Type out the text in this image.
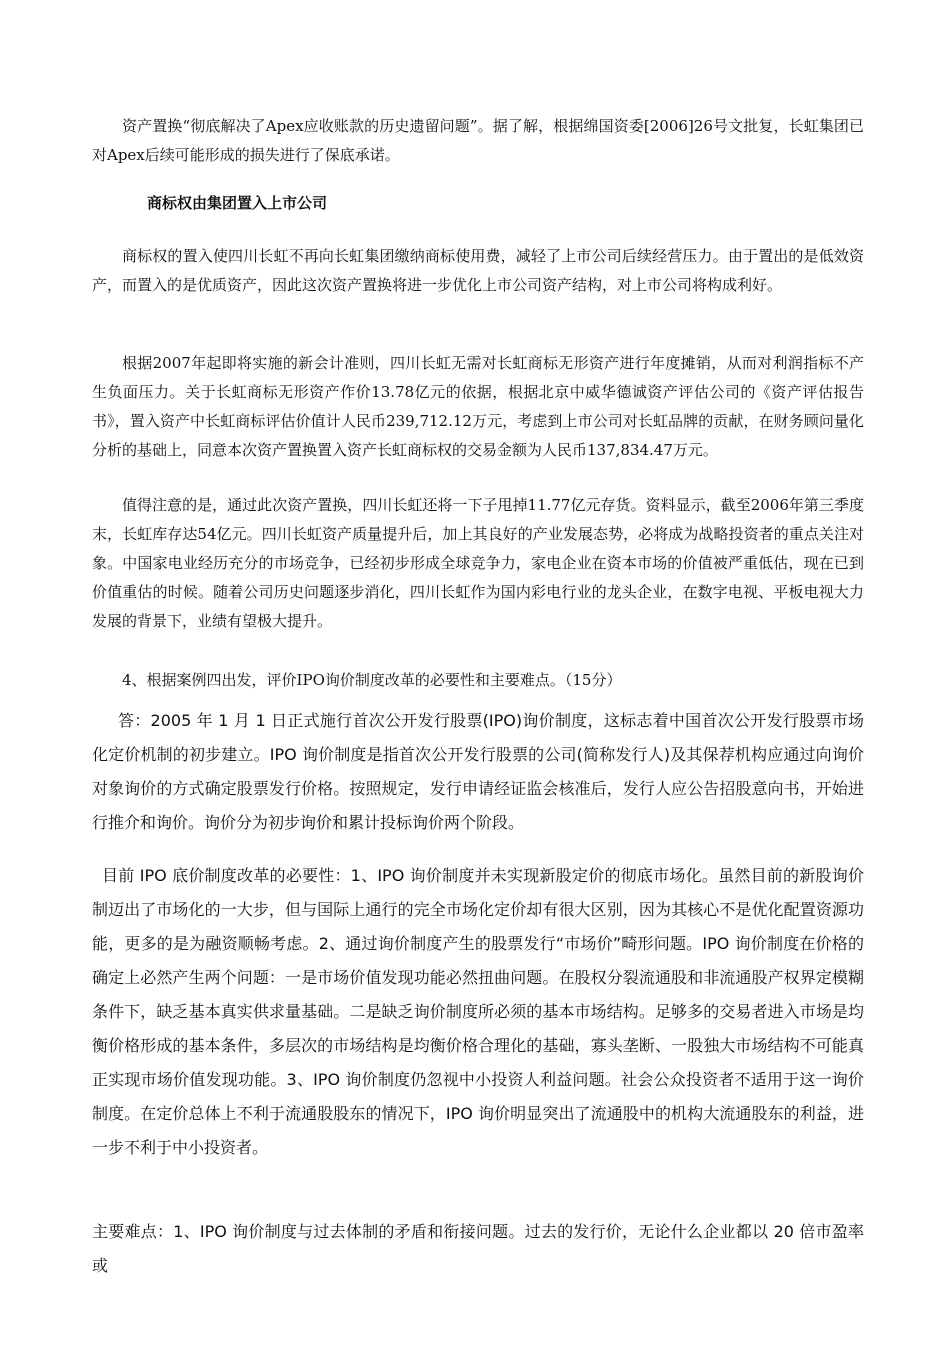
资产置换“彻底解决了Apex应收账款的历史遗留问题”。据了解，根据绵国资委[2006]26号文批复，长虹集团已对Apex后续可能形成的损失进行了保底承诺。

商标权由集团置入上市公司

商标权的置入使四川长虹不再向长虹集团缴纳商标使用费，减轻了上市公司后续经营压力。由于置出的是低效资产，而置入的是优质资产，因此这次资产置换将进一步优化上市公司资产结构，对上市公司将构成利好。

根据2007年起即将实施的新会计准则，四川长虹无需对长虹商标无形资产进行年度摊销，从而对利润指标不产生负面压力。关于长虹商标无形资产作价13.78亿元的依据，根据北京中威华德诚资产评估公司的《资产评估报告书》，置入资产中长虹商标评估价值计人民币239,712.12万元，考虑到上市公司对长虹品牌的贡献，在财务顾问量化分析的基础上，同意本次资产置换置入资产长虹商标权的交易金额为人民币137,834.47万元。

值得注意的是，通过此次资产置换，四川长虹还将一下子甩掉11.77亿元存货。资料显示，截至2006年第三季度末，长虹库存达54亿元。四川长虹资产质量提升后，加上其良好的产业发展态势，必将成为战略投资者的重点关注对象。中国家电业经历充分的市场竞争，已经初步形成全球竞争力，家电企业在资本市场的价值被严重低估，现在已到价值重估的时候。随着公司历史问题逐步消化，四川长虹作为国内彩电行业的龙头企业，在数字电视、平板电视大力发展的背景下，业绩有望极大提升。

4、根据案例四出发，评价IPO询价制度改革的必要性和主要难点。（15分）

答：2005 年 1 月 1 日正式施行首次公开发行股票(IPO)询价制度，这标志着中国首次公开发行股票市场化定价机制的初步建立。IPO 询价制度是指首次公开发行股票的公司(简称发行人)及其保荐机构应通过向询价对象询价的方式确定股票发行价格。按照规定，发行申请经证监会核准后，发行人应公告招股意向书，开始进行推介和询价。询价分为初步询价和累计投标询价两个阶段。

目前 IPO 底价制度改革的必要性：1、IPO 询价制度并未实现新股定价的彻底市场化。虽然目前的新股询价制迈出了市场化的一大步，但与国际上通行的完全市场化定价却有很大区别，因为其核心不是优化配置资源功能，更多的是为融资顺畅考虑。2、通过询价制度产生的股票发行“市场价”畸形问题。IPO 询价制度在价格的确定上必然产生两个问题：一是市场价值发现功能必然扭曲问题。在股权分裂流通股和非流通股产权界定模糊条件下，缺乏基本真实供求量基础。二是缺乏询价制度所必须的基本市场结构。足够多的交易者进入市场是均衡价格形成的基本条件，多层次的市场结构是均衡价格合理化的基础，寡头垄断、一股独大市场结构不可能真正实现市场价值发现功能。3、IPO 询价制度仍忽视中小投资人利益问题。社会公众投资者不适用于这一询价制度。在定价总体上不利于流通股股东的情况下，IPO 询价明显突出了流通股中的机构大流通股东的利益，进一步不利于中小投资者。

主要难点：1、IPO 询价制度与过去体制的矛盾和衔接问题。过去的发行价，无论什么企业都以 20 倍市盈率或
